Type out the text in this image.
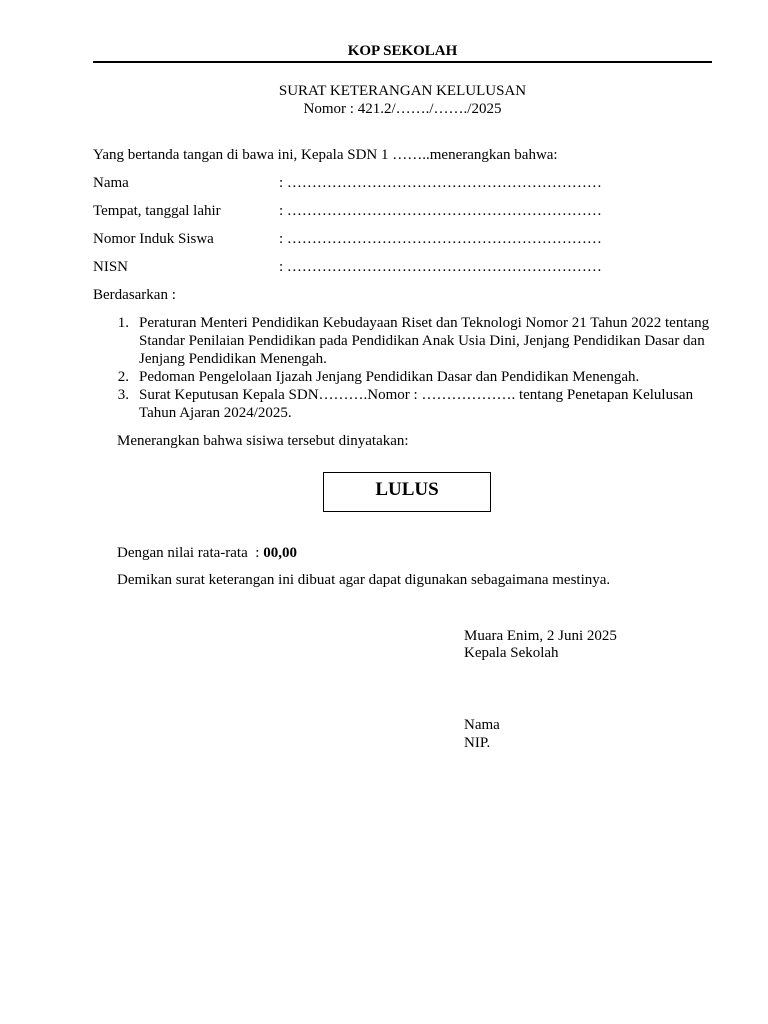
KOP SEKOLAH
SURAT KETERANGAN KELULUSAN
Nomor : 421.2/……./……./2025
Yang bertanda tangan di bawa ini, Kepala SDN 1 ……..menerangkan bahwa:
Nama	: ………………………………………………………
Tempat, tanggal lahir	: ………………………………………………………
Nomor Induk Siswa	: ………………………………………………………
NISN	: ………………………………………………………
Berdasarkan :
1. Peraturan Menteri Pendidikan Kebudayaan Riset dan Teknologi Nomor 21 Tahun 2022 tentang Standar Penilaian Pendidikan pada Pendidikan Anak Usia Dini, Jenjang Pendidikan Dasar dan Jenjang Pendidikan Menengah.
2. Pedoman Pengelolaan Ijazah Jenjang Pendidikan Dasar dan Pendidikan Menengah.
3. Surat Keputusan Kepala SDN……….Nomor : ………………. tentang Penetapan Kelulusan Tahun Ajaran 2024/2025.
Menerangkan bahwa sisiwa tersebut dinyatakan:
LULUS
Dengan nilai rata-rata  : 00,00
Demikan surat keterangan ini dibuat agar dapat digunakan sebagaimana mestinya.
Muara Enim, 2 Juni 2025
Kepala Sekolah
Nama
NIP.
